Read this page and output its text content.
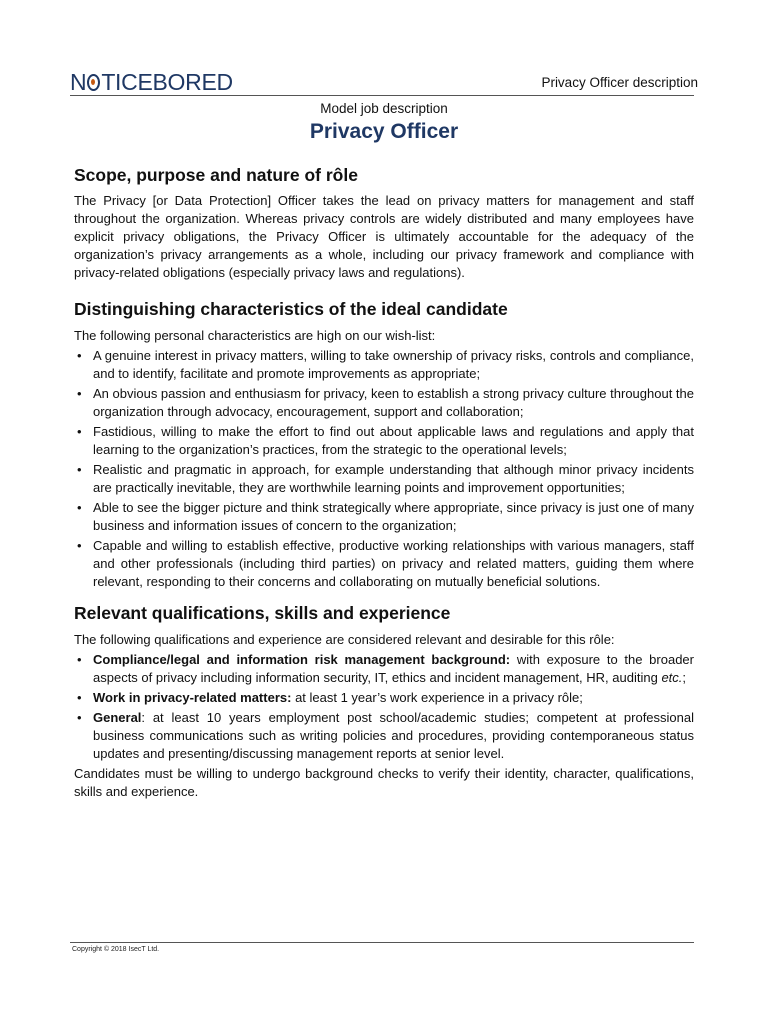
N TICEBORED	Privacy Officer description
Model job description
Privacy Officer
Scope, purpose and nature of rôle

The Privacy [or Data Protection] Officer takes the lead on privacy matters for management and staff throughout the organization. Whereas privacy controls are widely distributed and many employees have explicit privacy obligations, the Privacy Officer is ultimately accountable for the adequacy of the organization’s privacy arrangements as a whole, including our privacy framework and compliance with privacy-related obligations (especially privacy laws and regulations).

Distinguishing characteristics of the ideal candidate

The following personal characteristics are high on our wish-list:

• A genuine interest in privacy matters, willing to take ownership of privacy risks, controls and compliance, and to identify, facilitate and promote improvements as appropriate;
• An obvious passion and enthusiasm for privacy, keen to establish a strong privacy culture throughout the organization through advocacy, encouragement, support and collaboration;
• Fastidious, willing to make the effort to find out about applicable laws and regulations and apply that learning to the organization’s practices, from the strategic to the operational levels;
• Realistic and pragmatic in approach, for example understanding that although minor privacy incidents are practically inevitable, they are worthwhile learning points and improvement opportunities;
• Able to see the bigger picture and think strategically where appropriate, since privacy is just one of many business and information issues of concern to the organization;
• Capable and willing to establish effective, productive working relationships with various managers, staff and other professionals (including third parties) on privacy and related matters, guiding them where relevant, responding to their concerns and collaborating on mutually beneficial solutions.
Relevant qualifications, skills and experience

The following qualifications and experience are considered relevant and desirable for this rôle:

• Compliance/legal and information risk management background: with exposure to the broader aspects of privacy including information security, IT, ethics and incident management, HR, auditing etc.;
• Work in privacy-related matters: at least 1 year’s work experience in a privacy rôle;
• General: at least 10 years employment post school/academic studies; competent at professional business communications such as writing policies and procedures, providing contemporaneous status updates and presenting/discussing management reports at senior level.

Candidates must be willing to undergo background checks to verify their identity, character, qualifications, skills and experience.

Copyright © 2018 IsecT Ltd.
